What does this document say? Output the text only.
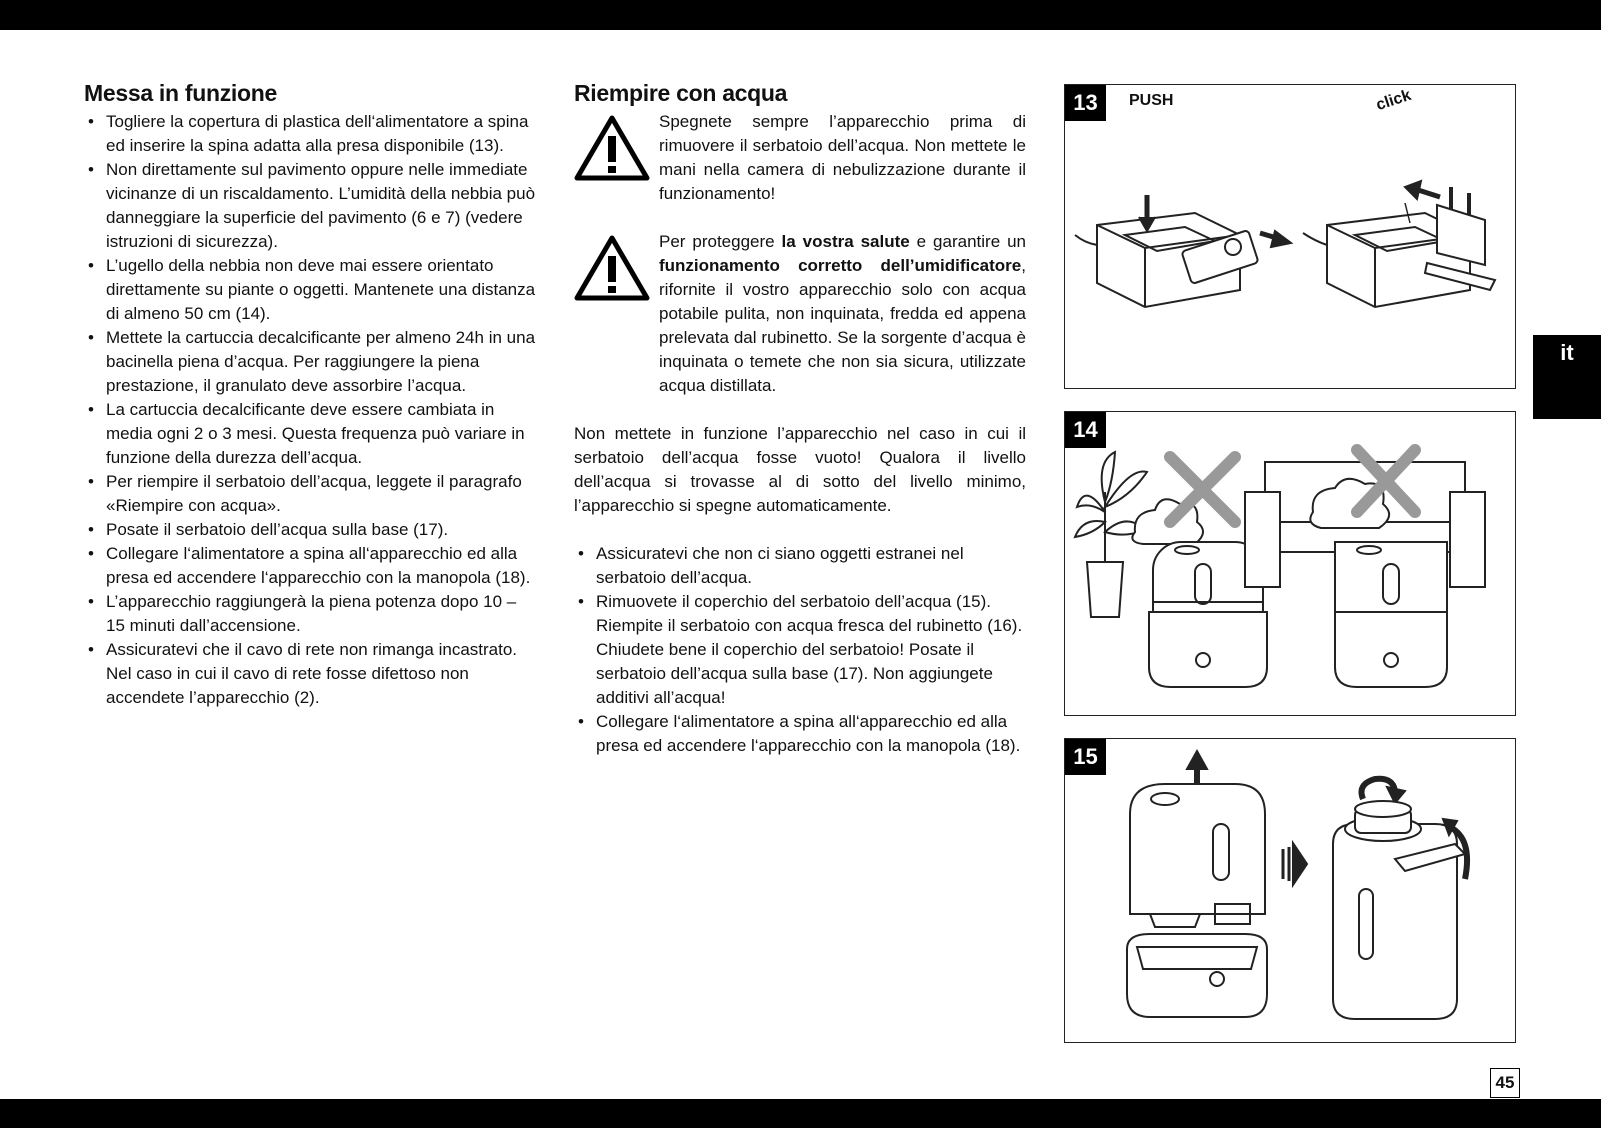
Messa in funzione
• Togliere la copertura di plastica dell‘alimentatore a spina ed inserire la spina adatta alla presa disponibile (13).
• Non direttamente sul pavimento oppure nelle immediate vicinanze di un riscaldamento. L’umidità della nebbia può danneggiare la superficie del pavimento (6 e 7) (vedere istruzioni di sicurezza).
• L’ugello della nebbia non deve mai essere orientato direttamente su piante o oggetti. Mantenete una distanza di almeno 50 cm (14).
• Mettete la cartuccia decalcificante per almeno 24h in una bacinella piena d’acqua. Per raggiungere la piena prestazione, il granulato deve assorbire l’acqua.
• La cartuccia decalcificante deve essere cambiata in media ogni 2 o 3 mesi. Questa frequenza può variare in funzione della durezza dell’acqua.
• Per riempire il serbatoio dell’acqua, leggete il paragrafo «Riempire con acqua».
• Posate il serbatoio dell’acqua sulla base (17).
• Collegare l‘alimentatore a spina all‘apparecchio ed alla presa ed accendere l‘apparecchio con la manopola (18).
• L’apparecchio raggiungerà la piena potenza dopo 10 – 15 minuti dall’accensione.
• Assicuratevi che il cavo di rete non rimanga incastrato. Nel caso in cui il cavo di rete fosse difettoso non accendete l’apparecchio (2).
Riempire con acqua
Spegnete sempre l’apparecchio prima di rimuovere il serbatoio dell’acqua. Non mettete le mani nella camera di nebulizzazione durante il funzionamento!
Per proteggere la vostra salute e garantire un funzionamento corretto dell’umidificatore, rifornite il vostro apparecchio solo con acqua potabile pulita, non inquinata, fredda ed appena prelevata dal rubinetto. Se la sorgente d’acqua è inquinata o temete che non sia sicura, utilizzate acqua distillata.
Non mettete in funzione l’apparecchio nel caso in cui il serbatoio dell’acqua fosse vuoto! Qualora il livello dell’acqua si trovasse al di sotto del livello minimo, l’apparecchio si spegne automaticamente.
• Assicuratevi che non ci siano oggetti estranei nel serbatoio dell’acqua.
• Rimuovete il coperchio del serbatoio dell’acqua (15). Riempite il serbatoio con acqua fresca del rubinetto (16). Chiudete bene il coperchio del serbatoio! Posate il serbatoio dell’acqua sulla base (17). Non aggiungete additivi all’acqua!
• Collegare l‘alimentatore a spina all‘apparecchio ed alla presa ed accendere l‘apparecchio con la manopola (18).
13	PUSH	click
14
15
it
45
